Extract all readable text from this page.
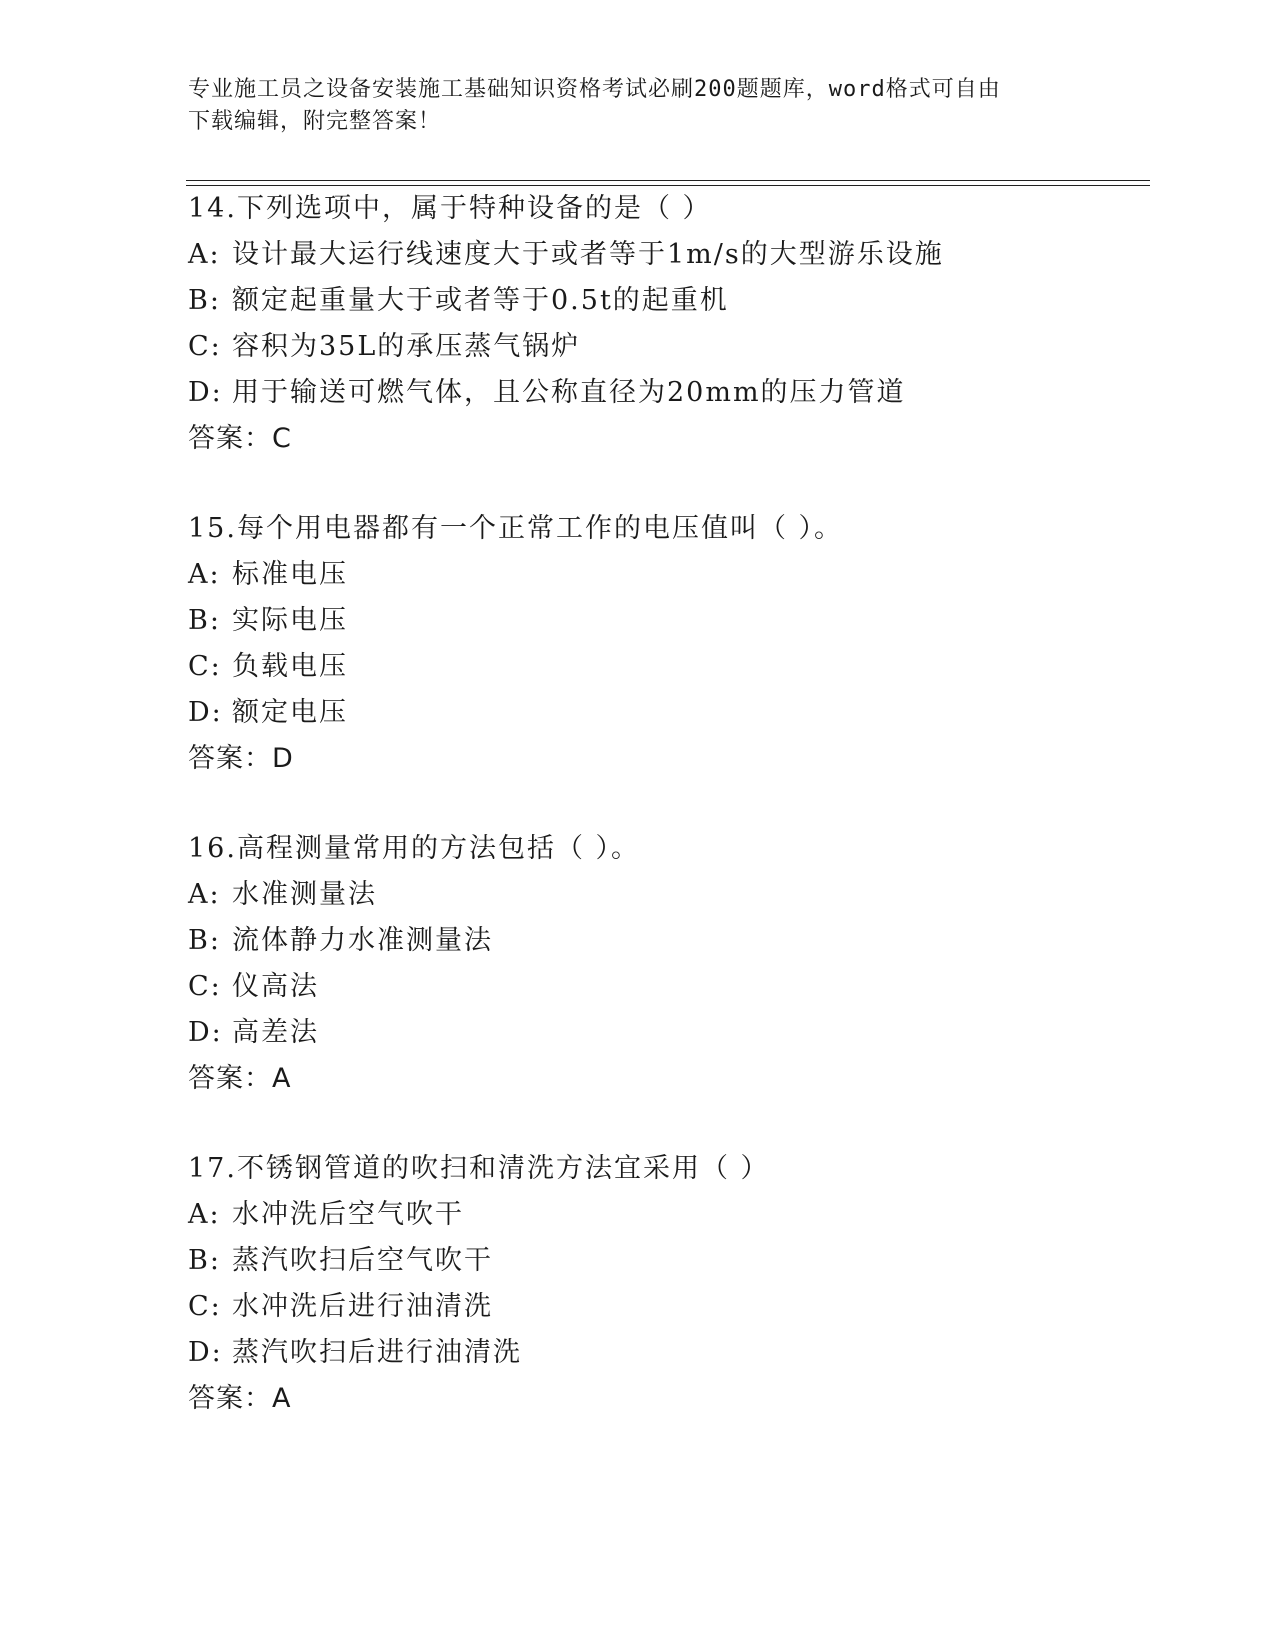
专业施工员之设备安装施工基础知识资格考试必刷200题题库，word格式可自由
下载编辑，附完整答案！
14.下列选项中，属于特种设备的是（ ）
A: 设计最大运行线速度大于或者等于1m/s的大型游乐设施
B: 额定起重量大于或者等于0.5t的起重机
C: 容积为35L的承压蒸气锅炉
D: 用于输送可燃气体，且公称直径为20mm的压力管道
答案：C
15.每个用电器都有一个正常工作的电压值叫（ ）。
A: 标准电压
B: 实际电压
C: 负载电压
D: 额定电压
答案：D
16.高程测量常用的方法包括（ ）。
A: 水准测量法
B: 流体静力水准测量法
C: 仪高法
D: 高差法
答案：A
17.不锈钢管道的吹扫和清洗方法宜采用（ ）
A: 水冲洗后空气吹干
B: 蒸汽吹扫后空气吹干
C: 水冲洗后进行油清洗
D: 蒸汽吹扫后进行油清洗
答案：A
